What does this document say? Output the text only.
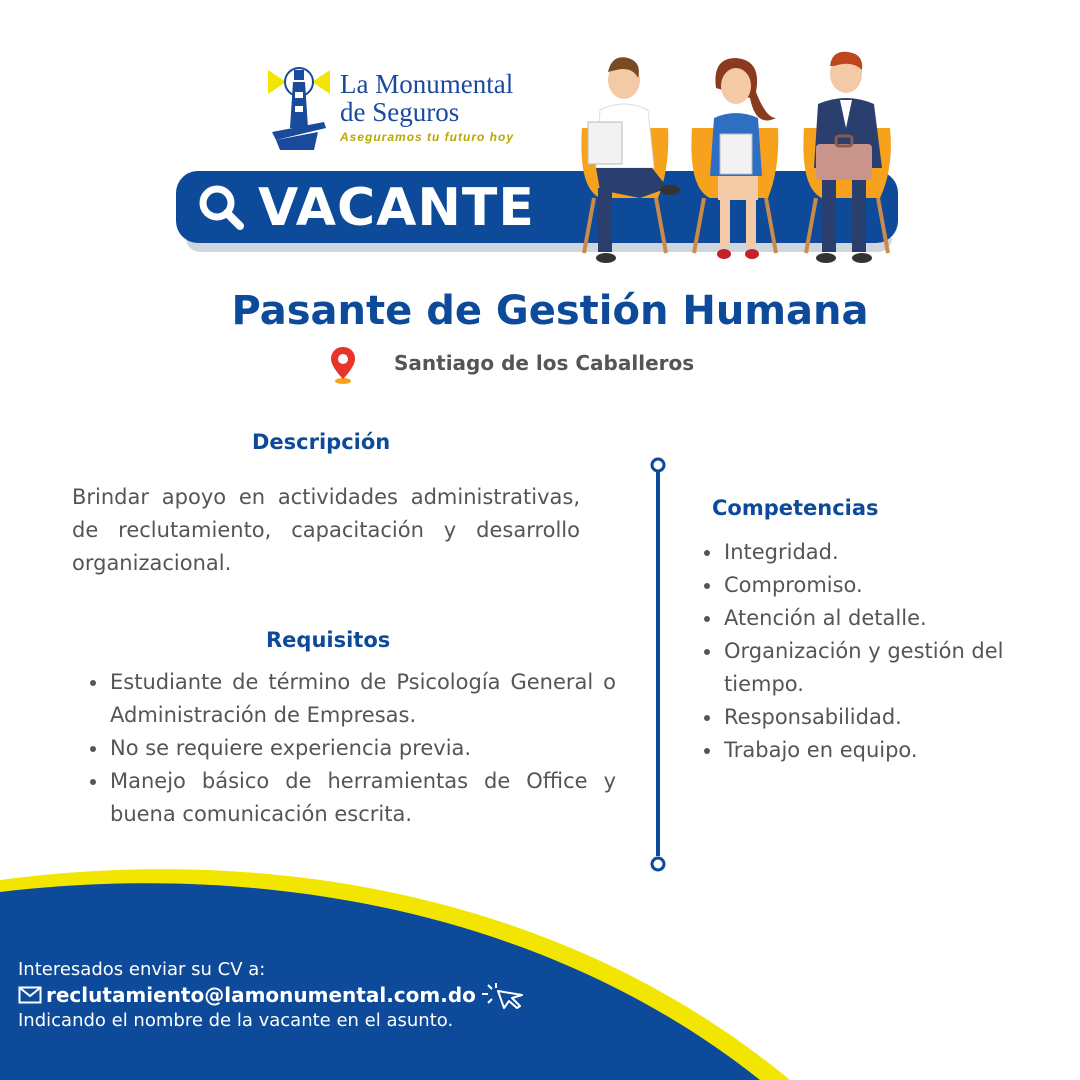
La Monumental
de Seguros
Aseguramos tu futuro hoy
VACANTE
Pasante de Gestión Humana
Santiago de los Caballeros
Descripción

Brindar apoyo en actividades administrativas, de reclutamiento, capacitación y desarrollo organizacional.

Requisitos
Estudiante de término de Psicología General o Administración de Empresas.
No se requiere experiencia previa.
Manejo básico de herramientas de Office y buena comunicación escrita.
Competencias
Integridad.
Compromiso.
Atención al detalle.
Organización y gestión del tiempo.
Responsabilidad.
Trabajo en equipo.
Interesados enviar su CV a:
reclutamiento@lamonumental.com.do
Indicando el nombre de la vacante en el asunto.
